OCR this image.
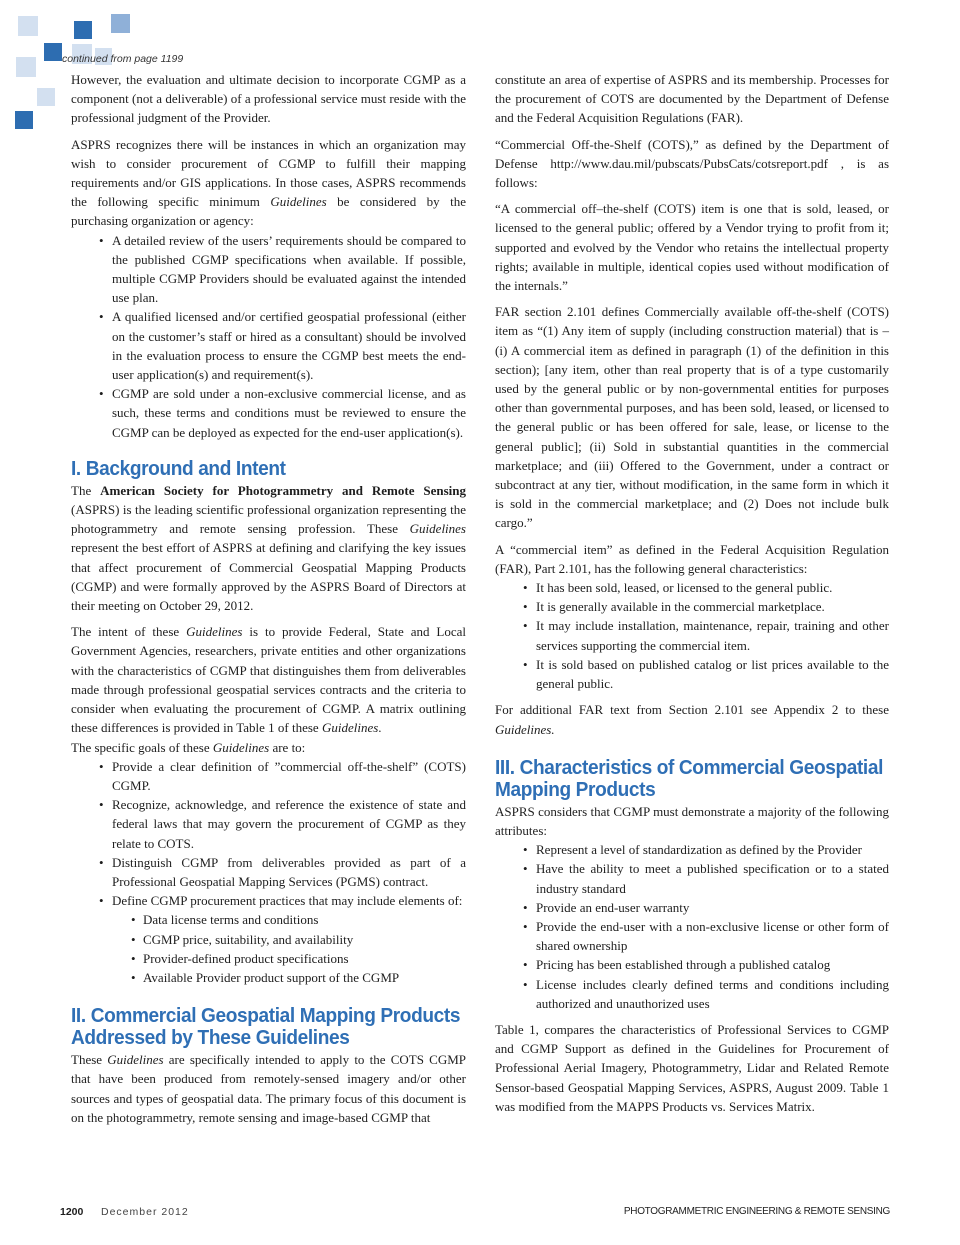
continued from page 1199

However, the evaluation and ultimate decision to incorporate CGMP as a component (not a deliverable) of a professional service must reside with the professional judgment of the Provider.

ASPRS recognizes there will be instances in which an organization may wish to consider procurement of CGMP to fulfill their mapping requirements and/or GIS applications. In those cases, ASPRS recommends the following specific minimum Guidelines be considered by the purchasing organization or agency:

• A detailed review of the users’ requirements should be compared to the published CGMP specifications when available. If possible, multiple CGMP Providers should be evaluated against the intended use plan.
• A qualified licensed and/or certified geospatial professional (either on the customer’s staff or hired as a consultant) should be involved in the evaluation process to ensure the CGMP best meets the end-user application(s) and requirement(s).
• CGMP are sold under a non-exclusive commercial license, and as such, these terms and conditions must be reviewed to ensure the CGMP can be deployed as expected for the end-user application(s).
I. Background and Intent

The American Society for Photogrammetry and Remote Sensing (ASPRS) is the leading scientific professional organization representing the photogrammetry and remote sensing profession. These Guidelines represent the best effort of ASPRS at defining and clarifying the key issues that affect procurement of Commercial Geospatial Mapping Products (CGMP) and were formally approved by the ASPRS Board of Directors at their meeting on October 29, 2012.

The intent of these Guidelines is to provide Federal, State and Local Government Agencies, researchers, private entities and other organizations with the characteristics of CGMP that distinguishes them from deliverables made through professional geospatial services contracts and the criteria to consider when evaluating the procurement of CGMP. A matrix outlining these differences is provided in Table 1 of these Guidelines.

The specific goals of these Guidelines are to:

• Provide a clear definition of ”commercial off-the-shelf” (COTS) CGMP.
• Recognize, acknowledge, and reference the existence of state and federal laws that may govern the procurement of CGMP as they relate to COTS.
• Distinguish CGMP from deliverables provided as part of a Professional Geospatial Mapping Services (PGMS) contract.
• Define CGMP procurement practices that may include elements of:
• Data license terms and conditions
• CGMP price, suitability, and availability
• Provider-defined product specifications
• Available Provider product support of the CGMP
II. Commercial Geospatial Mapping Products
Addressed by These Guidelines

These Guidelines are specifically intended to apply to the COTS CGMP that have been produced from remotely-sensed imagery and/or other sources and types of geospatial data. The primary focus of this document is on the photogrammetry, remote sensing and image-based CGMP that

constitute an area of expertise of ASPRS and its membership. Processes for the procurement of COTS are documented by the Department of Defense and the Federal Acquisition Regulations (FAR).

“Commercial Off-the-Shelf (COTS),” as defined by the Department of Defense http://www.dau.mil/pubscats/PubsCats/cotsreport.pdf , is as follows:

“A commercial off–the-shelf (COTS) item is one that is sold, leased, or licensed to the general public; offered by a Vendor trying to profit from it; supported and evolved by the Vendor who retains the intellectual property rights; available in multiple, identical copies used without modification of the internals.”

FAR section 2.101 defines Commercially available off-the-shelf (COTS) item as “(1) Any item of supply (including construction material) that is – (i) A commercial item as defined in paragraph (1) of the definition in this section); [any item, other than real property that is of a type customarily used by the general public or by non-governmental entities for purposes other than governmental purposes, and has been sold, leased, or licensed to the general public or has been offered for sale, lease, or license to the general public]; (ii) Sold in substantial quantities in the commercial marketplace; and (iii) Offered to the Government, under a contract or subcontract at any tier, without modification, in the same form in which it is sold in the commercial marketplace; and (2) Does not include bulk cargo.”

A “commercial item” as defined in the Federal Acquisition Regulation (FAR), Part 2.101, has the following general characteristics:

• It has been sold, leased, or licensed to the general public.
• It is generally available in the commercial marketplace.
• It may include installation, maintenance, repair, training and other services supporting the commercial item.
• It is sold based on published catalog or list prices available to the general public.

For additional FAR text from Section 2.101 see Appendix 2 to these Guidelines.

III. Characteristics of Commercial Geospatial
Mapping Products

ASPRS considers that CGMP must demonstrate a majority of the following attributes:

• Represent a level of standardization as defined by the Provider
• Have the ability to meet a published specification or to a stated industry standard
• Provide an end-user warranty
• Provide the end-user with a non-exclusive license or other form of shared ownership
• Pricing has been established through a published catalog
• License includes clearly defined terms and conditions including authorized and unauthorized uses

Table 1, compares the characteristics of Professional Services to CGMP and CGMP Support as defined in the Guidelines for Procurement of Professional Aerial Imagery, Photogrammetry, Lidar and Related Remote Sensor-based Geospatial Mapping Services, ASPRS, August 2009. Table 1 was modified from the MAPPS Products vs. Services Matrix.

1200 December 2012	PHOTOGRAMMETRIC ENGINEERING & REMOTE SENSING
